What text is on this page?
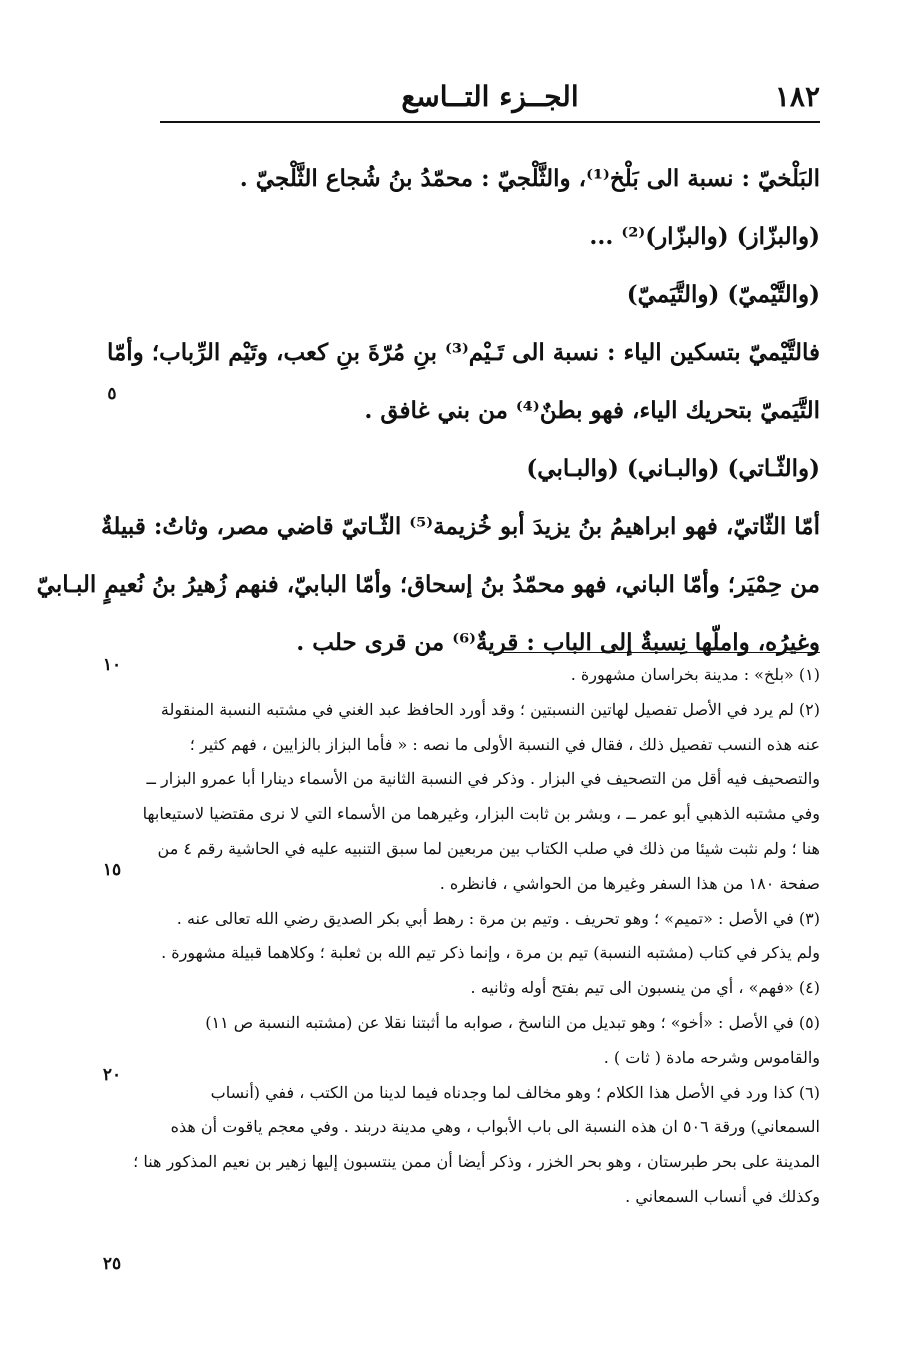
١٨٢
الجــزء التــاسع
البَلْخيّ : نسبة الى بَلْخ⁽¹⁾، والثَّلْجيّ : محمّدُ بنُ شُجاع الثَّلْجيّ .
(والبزّاز) (والبزّار)⁽²⁾ ...
(والتَّيْميّ) (والتَّيَميّ)
فالتَّيْميّ بتسكين الياء : نسبة الى تَـيْم⁽³⁾ بنِ مُرّةَ بنِ كعب، وتَيْم الرِّباب؛ وأمّا
التَّيَميّ بتحريك الياء، فهو بطنٌ⁽⁴⁾ من بني غافق .
(والثّـاتي) (والبـاني) (والبـابي)
أمّا الثّاتيّ، فهو ابراهيمُ بنُ يزيدَ أبو خُزيمة⁽⁵⁾ الثّـاتيّ قاضي مصر، وثاتُ: قبيلةٌ
من حِمْيَر؛ وأمّا الباني، فهو محمّدُ بنُ إسحاق؛ وأمّا البابيّ، فنهم زُهيرُ بنُ نُعيمٍ البـابيّ
وغيرُه، واملّها نِسبةٌ إلى الباب : قريةٌ⁽⁶⁾ من قرى حلب .
(١) «بلخ» : مدينة بخراسان مشهورة .
(٢) لم يرد في الأصل تفصيل لهاتين النسبتين ؛ وقد أورد الحافظ عبد الغني في مشتبه النسبة المنقولة
عنه هذه النسب تفصيل ذلك ، فقال في النسبة الأولى ما نصه : « فأما البزاز بالزايين ، فهم كثير ؛
والتصحيف فيه أقل من التصحيف في البزار . وذكر في النسبة الثانية من الأسماء دينارا أبا عمرو البزار ــ
وفي مشتبه الذهبي أبو عمر ــ ، وبشر بن ثابت البزار، وغيرهما من الأسماء التي لا نرى مقتضيا لاستيعابها
هنا ؛ ولم نثبت شيئا من ذلك في صلب الكتاب بين مربعين لما سبق التنبيه عليه في الحاشية رقم ٤ من
صفحة ١٨٠ من هذا السفر وغيرها من الحواشي ، فانظره .
(٣) في الأصل : «تميم» ؛ وهو تحريف . وتيم بن مرة : رهط أبي بكر الصديق رضي الله تعالى عنه .
ولم يذكر في كتاب (مشتبه النسبة) تيم بن مرة ، وإنما ذكر تيم الله بن ثعلبة ؛ وكلاهما قبيلة مشهورة .
(٤) «فهم» ، أي من ينسبون الى تيم بفتح أوله وثانيه .
(٥) في الأصل : «أخو» ؛ وهو تبديل من الناسخ ، صوابه ما أثبتنا نقلا عن (مشتبه النسبة ص ١١)
والقاموس وشرحه مادة ( ثات ) .
(٦) كذا ورد في الأصل هذا الكلام ؛ وهو مخالف لما وجدناه فيما لدينا من الكتب ، ففي (أنساب
السمعاني) ورقة ٥٠٦ ان هذه النسبة الى باب الأبواب ، وهي مدينة دربند . وفي معجم ياقوت أن هذه
المدينة على بحر طبرستان ، وهو بحر الخزر ، وذكر أيضا أن ممن ينتسبون إليها زهير بن نعيم المذكور هنا ؛
وكذلك في أنساب السمعاني .
٥
١٠
١٥
٢٠
٢٥
